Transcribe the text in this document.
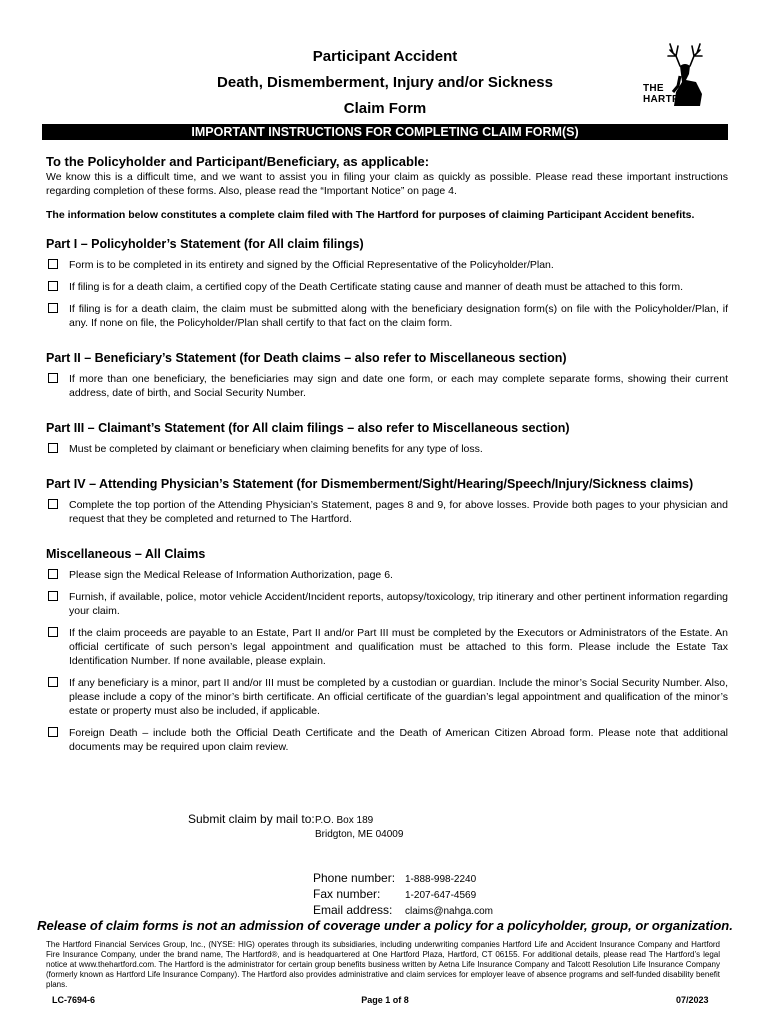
Participant Accident
Death, Dismemberment, Injury and/or Sickness
Claim Form
THE
HARTFORD
IMPORTANT INSTRUCTIONS FOR COMPLETING CLAIM FORM(S)

To the Policyholder and Participant/Beneficiary, as applicable:

We know this is a difficult time, and we want to assist you in filing your claim as quickly as possible. Please read these important instructions regarding completion of these forms. Also, please read the “Important Notice” on page 4.

The information below constitutes a complete claim filed with The Hartford for purposes of claiming Participant Accident benefits.

Part I – Policyholder’s Statement (for All claim filings)
Form is to be completed in its entirety and signed by the Official Representative of the Policyholder/Plan.
If filing is for a death claim, a certified copy of the Death Certificate stating cause and manner of death must be attached to this form.
If filing is for a death claim, the claim must be submitted along with the beneficiary designation form(s) on file with the Policyholder/Plan, if any. If none on file, the Policyholder/Plan shall certify to that fact on the claim form.
Part II – Beneficiary’s Statement (for Death claims – also refer to Miscellaneous section)
If more than one beneficiary, the beneficiaries may sign and date one form, or each may complete separate forms, showing their current address, date of birth, and Social Security Number.
Part III – Claimant’s Statement (for All claim filings – also refer to Miscellaneous section)
Must be completed by claimant or beneficiary when claiming benefits for any type of loss.
Part IV – Attending Physician’s Statement (for Dismemberment/Sight/Hearing/Speech/Injury/Sickness claims)
Complete the top portion of the Attending Physician’s Statement, pages 8 and 9, for above losses. Provide both pages to your physician and request that they be completed and returned to The Hartford.
Miscellaneous – All Claims
Please sign the Medical Release of Information Authorization, page 6.
Furnish, if available, police, motor vehicle Accident/Incident reports, autopsy/toxicology, trip itinerary and other pertinent information regarding your claim.
If the claim proceeds are payable to an Estate, Part II and/or Part III must be completed by the Executors or Administrators of the Estate. An official certificate of such person’s legal appointment and qualification must be attached to this form. Please include the Estate Tax Identification Number. If none available, please explain.
If any beneficiary is a minor, part II and/or III must be completed by a custodian or guardian. Include the minor’s Social Security Number. Also, please include a copy of the minor’s birth certificate. An official certificate of the guardian’s legal appointment and qualification of the minor’s estate or property must also be included, if applicable.
Foreign Death – include both the Official Death Certificate and the Death of American Citizen Abroad form. Please note that additional documents may be required upon claim review.
Submit claim by mail to: P.O. Box 189
Bridgton, ME 04009
Phone number: 1-888-998-2240
Fax number:	1-207-647-4569
Email address:	claims@nahga.com
Release of claim forms is not an admission of coverage under a policy for a policyholder, group, or organization.
The Hartford Financial Services Group, Inc., (NYSE: HIG) operates through its subsidiaries, including underwriting companies Hartford Life and Accident Insurance Company and Hartford Fire Insurance Company, under the brand name, The Hartford®, and is headquartered at One Hartford Plaza, Hartford, CT 06155. For additional details, please read The Hartford’s legal notice at www.thehartford.com. The Hartford is the administrator for certain group benefits business written by Aetna Life Insurance Company and Talcott Resolution Life Insurance Company (formerly known as Hartford Life Insurance Company). The Hartford also provides administrative and claim services for employer leave of absence programs and self-funded disability benefit plans.
LC-7694-6	Page 1 of 8	07/2023
